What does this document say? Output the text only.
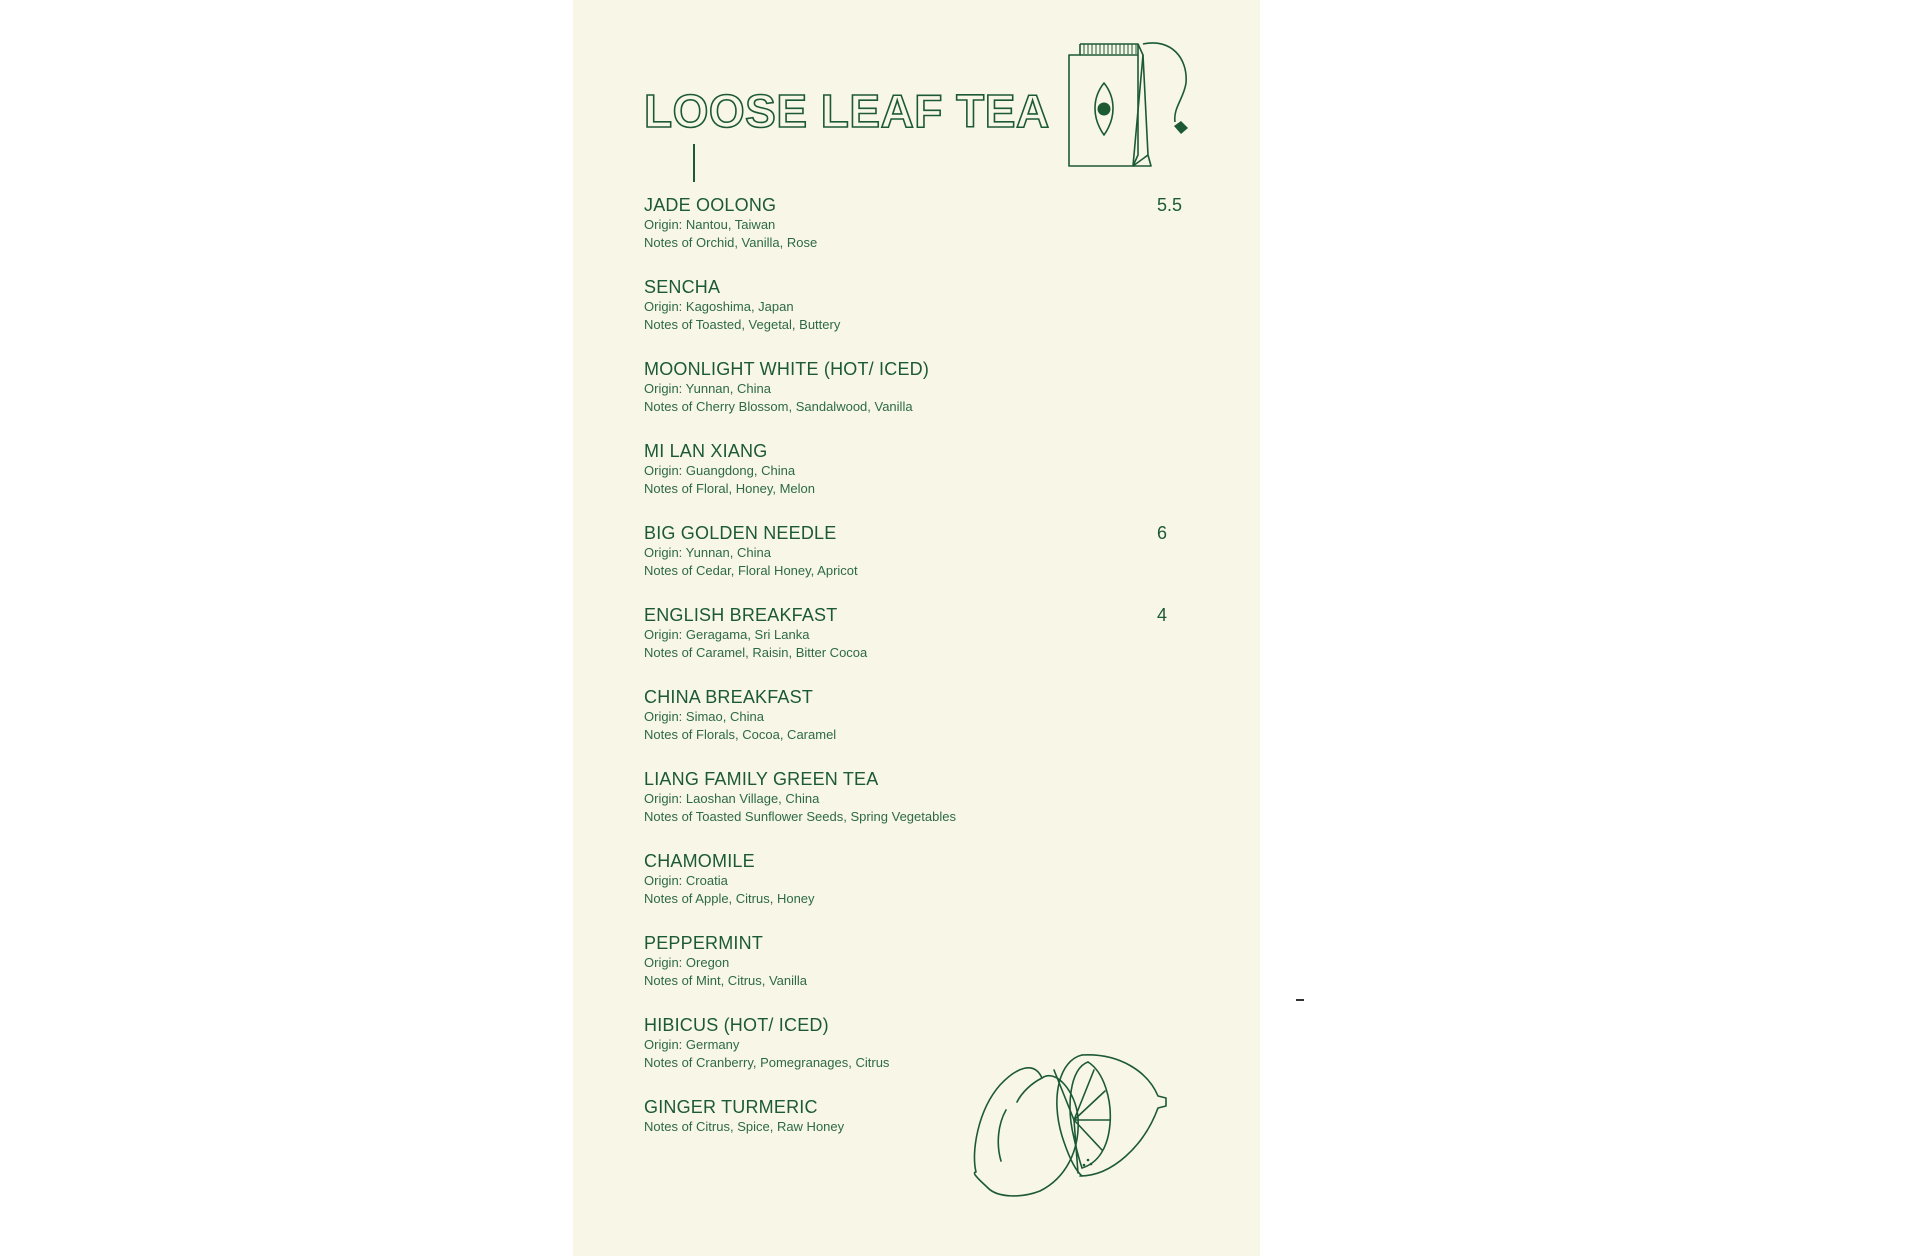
LOOSE LEAF TEA
JADE OOLONG
Origin: Nantou, Taiwan
Notes of Orchid, Vanilla, Rose
5.5
SENCHA
Origin: Kagoshima, Japan
Notes of Toasted, Vegetal, Buttery
MOONLIGHT WHITE (HOT/ ICED)
Origin: Yunnan, China
Notes of Cherry Blossom, Sandalwood, Vanilla
MI LAN XIANG
Origin: Guangdong, China
Notes of Floral, Honey, Melon
BIG GOLDEN NEEDLE
Origin: Yunnan, China
Notes of Cedar, Floral Honey, Apricot
6
ENGLISH BREAKFAST
Origin: Geragama, Sri Lanka
Notes of Caramel, Raisin, Bitter Cocoa
4
CHINA BREAKFAST
Origin: Simao, China
Notes of Florals, Cocoa, Caramel
LIANG FAMILY GREEN TEA
Origin: Laoshan Village, China
Notes of Toasted Sunflower Seeds, Spring Vegetables
CHAMOMILE
Origin: Croatia
Notes of Apple, Citrus, Honey
PEPPERMINT
Origin: Oregon
Notes of Mint, Citrus, Vanilla
HIBICUS (HOT/ ICED)
Origin: Germany
Notes of Cranberry, Pomegranages, Citrus
GINGER TURMERIC
Notes of Citrus, Spice, Raw Honey
